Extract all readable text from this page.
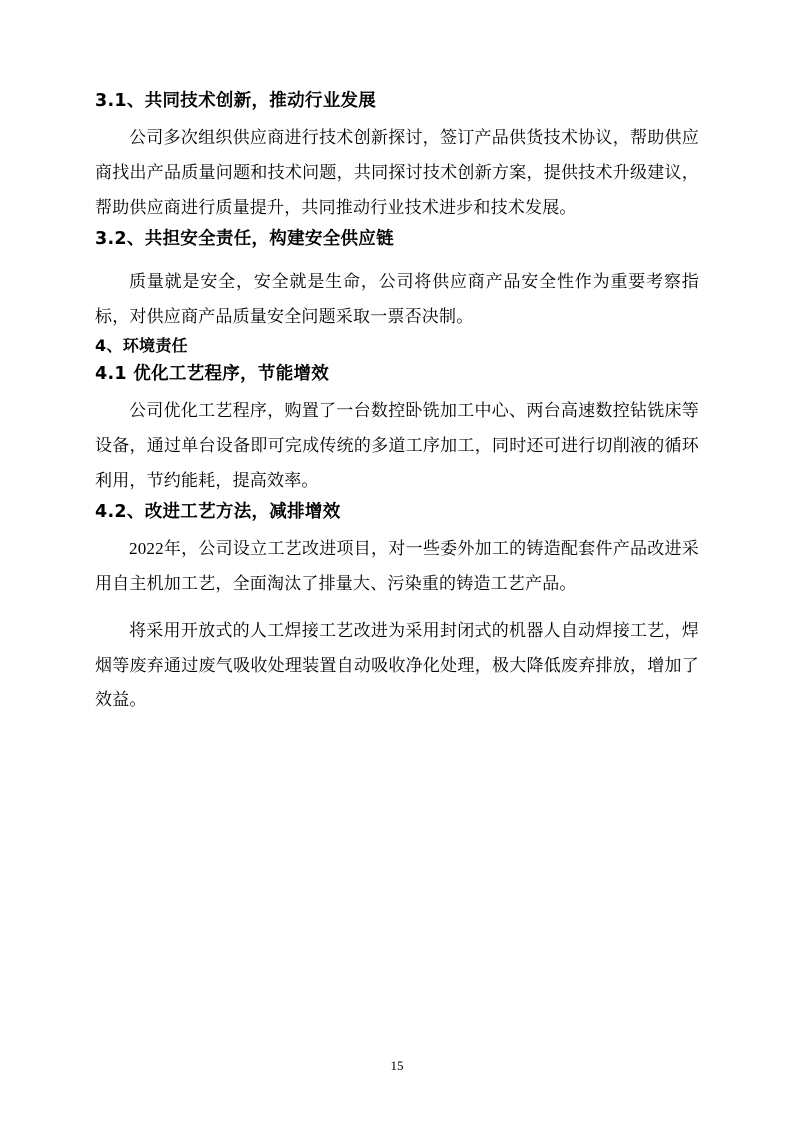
3.1、共同技术创新，推动行业发展

公司多次组织供应商进行技术创新探讨，签订产品供货技术协议，帮助供应商找出产品质量问题和技术问题，共同探讨技术创新方案，提供技术升级建议，帮助供应商进行质量提升，共同推动行业技术进步和技术发展。

3.2、共担安全责任，构建安全供应链

质量就是安全，安全就是生命，公司将供应商产品安全性作为重要考察指标，对供应商产品质量安全问题采取一票否决制。

4、环境责任
4.1 优化工艺程序，节能增效

公司优化工艺程序，购置了一台数控卧铣加工中心、两台高速数控钻铣床等设备，通过单台设备即可完成传统的多道工序加工，同时还可进行切削液的循环利用，节约能耗，提高效率。

4.2、改进工艺方法，减排增效

2022年，公司设立工艺改进项目，对一些委外加工的铸造配套件产品改进采用自主机加工艺，全面淘汰了排量大、污染重的铸造工艺产品。

将采用开放式的人工焊接工艺改进为采用封闭式的机器人自动焊接工艺，焊烟等废弃通过废气吸收处理装置自动吸收净化处理，极大降低废弃排放，增加了效益。

15
